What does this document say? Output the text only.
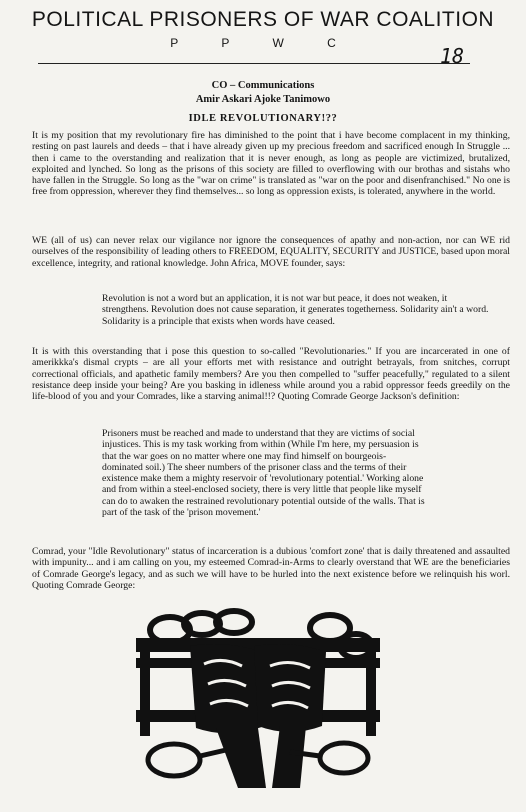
POLITICAL PRISONERS OF WAR COALITION
P P W C
18
CO – Communications
Amir Askari Ajoke Tanimowo
IDLE REVOLUTIONARY!??

It is my position that my revolutionary fire has diminished to the point that i have become complacent in my thinking, resting on past laurels and deeds – that i have already given up my precious freedom and sacrificed enough In Struggle ... then i came to the overstanding and realization that it is never enough, as long as people are victimized, brutalized, exploited and lynched. So long as the prisons of this society are filled to overflowing with our brothas and sistahs who have fallen in the Struggle. So long as the "war on crime" is translated as "war on the poor and disenfranchised." No one is free from oppression, wherever they find themselves... so long as oppression exists, is tolerated, anywhere in the world.

WE (all of us) can never relax our vigilance nor ignore the consequences of apathy and non-action, nor can WE rid ourselves of the responsibility of leading others to FREEDOM, EQUALITY, SECURITY and JUSTICE, based upon moral excellence, integrity, and rational knowledge. John Africa, MOVE founder, says:

Revolution is not a word but an application, it is not war but peace, it does not weaken, it strengthens. Revolution does not cause separation, it generates togetherness. Solidarity ain't a word. Solidarity is a principle that exists when words have ceased.

It is with this overstanding that i pose this question to so-called "Revolutionaries." If you are incarcerated in one of amerikkka's dismal crypts – are all your efforts met with resistance and outright betrayals, from snitches, corrupt correctional officials, and apathetic family members? Are you then compelled to "suffer peacefully," regulated to a silent resistance deep inside your being? Are you basking in idleness while around you a rabid oppressor feeds greedily on the life-blood of you and your Comrades, like a starving animal!!? Quoting Comrade George Jackson's definition:

Prisoners must be reached and made to understand that they are victims of social injustices. This is my task working from within (While I'm here, my persuasion is that the war goes on no matter where one may find himself on bourgeois-dominated soil.) The sheer numbers of the prisoner class and the terms of their existence make them a mighty reservoir of 'revolutionary potential.' Working alone and from within a steel-enclosed society, there is very little that people like myself can do to awaken the restrained revolutionary potential outside of the walls. That is part of the task of the 'prison movement.'

Comrad, your "Idle Revolutionary" status of incarceration is a dubious 'comfort zone' that is daily threatened and assaulted with impunity... and i am calling on you, my esteemed Comrad-in-Arms to clearly overstand that WE are the beneficiaries of Comrade George's legacy, and as such we will have to be hurled into the next existence before we relinquish his worl. Quoting Comrade George:
